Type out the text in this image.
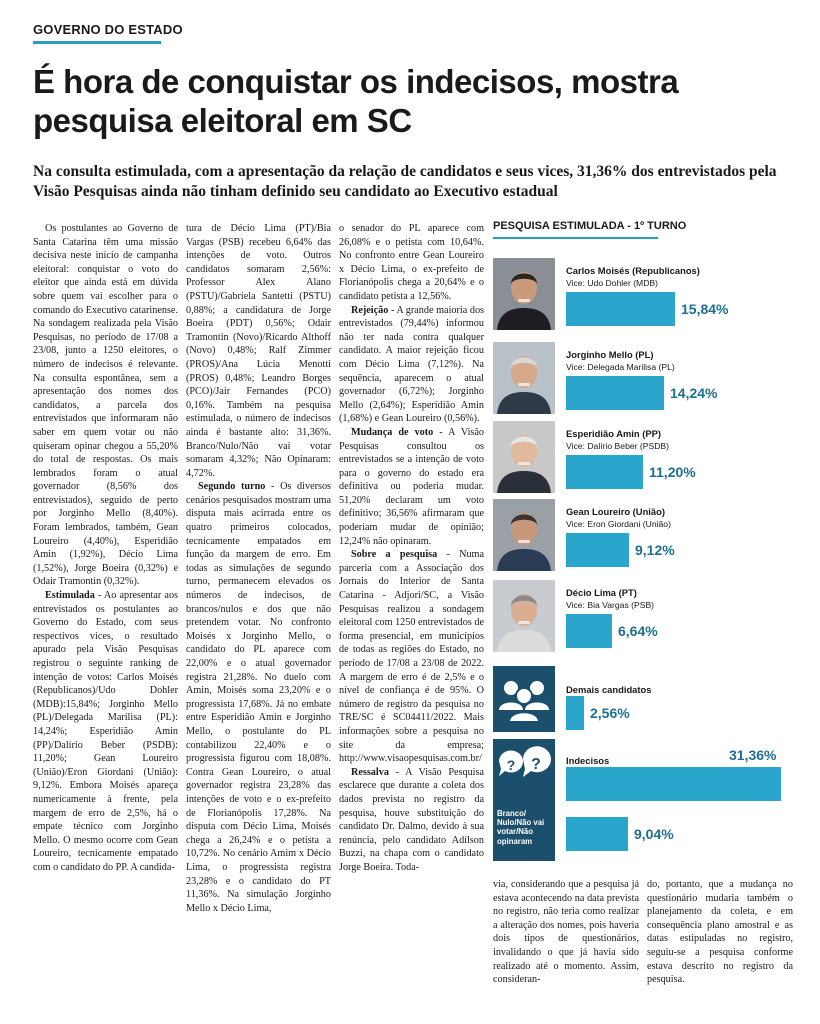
GOVERNO DO ESTADO
É hora de conquistar os indecisos, mostra pesquisa eleitoral em SC
Na consulta estimulada, com a apresentação da relação de candidatos e seus vices, 31,36% dos entrevistados pela Visão Pesquisas ainda não tinham definido seu candidato ao Executivo estadual

Os postulantes ao Governo de Santa Catarina têm uma missão decisiva neste início de campanha eleitoral: conquistar o voto do eleitor que ainda está em dúvida sobre quem vai escolher para o comando do Executivo catarinense. Na sondagem realizada pela Visão Pesquisas, no período de 17/08 a 23/08, junto a 1250 eleitores, o número de indecisos é relevante. Na consulta espontânea, sem a apresentação dos nomes dos candidatos, a parcela dos entrevistados que informaram não saber em quem votar ou não quiseram opinar chegou a 55,20% do total de respostas. Os mais lembrados foram o atual governador (8,56% dos entrevistados), seguido de perto por Jorginho Mello (8,40%). Foram lembrados, também, Gean Loureiro (4,40%), Esperidião Amin (1,92%), Décio Lima (1,52%), Jorge Boeira (0,32%) e Odair Tramontin (0,32%).

Estimulada - Ao apresentar aos entrevistados os postulantes ao Governo do Estado, com seus respectivos vices, o resultado apurado pela Visão Pesquisas registrou o seguinte ranking de intenção de votos: Carlos Moisés (Republicanos)/Udo Dohler (MDB):15,84%; Jorginho Mello (PL)/Delegada Marilisa (PL): 14,24%; Esperidião Amin (PP)/Dalírio Beber (PSDB): 11,20%; Gean Loureiro (União)/Eron Giordani (União): 9,12%. Embora Moisés apareça numericamente à frente, pela margem de erro de 2,5%, há o empate técnico com Jorginho Mello. O mesmo ocorre com Gean Loureiro, tecnicamente empatado com o candidato do PP. A candida-

tura de Décio Lima (PT)/Bia Vargas (PSB) recebeu 6,64% das intenções de voto. Outros candidatos somaram 2,56%: Professor Alex Alano (PSTU)/Gabriela Santetti (PSTU) 0,88%; a candidatura de Jorge Boeira (PDT) 0,56%; Odair Tramontin (Novo)/Ricardo Althoff (Novo) 0,48%; Ralf Zimmer (PROS)/Ana Lúcia Menotti (PROS) 0,48%; Leandro Borges (PCO)/Jair Fernandes (PCO) 0,16%. Também na pesquisa estimulada, o número de indecisos ainda é bastante alto: 31,36%. Branco/Nulo/Não vai votar somaram 4,32%; Não Opinaram: 4,72%.

Segundo turno - Os diversos cenários pesquisados mostram uma disputa mais acirrada entre os quatro primeiros colocados, tecnicamente empatados em função da margem de erro. Em todas as simulações de segundo turno, permanecem elevados os números de indecisos, de brancos/nulos e dos que não pretendem votar. No confronto Moisés x Jorginho Mello, o candidato do PL aparece com 22,00% e o atual governador registra 21,28%. No duelo com Amin, Moisés soma 23,20% e o progressista 17,68%. Já no embate entre Esperidião Amin e Jorginho Mello, o postulante do PL contabilizou 22,40% e o progressista figurou com 18,08%. Contra Gean Loureiro, o atual governador registra 23,28% das intenções de voto e o ex-prefeito de Florianópolis 17,28%. Na disputa com Décio Lima, Moisés chega a 26,24% e o petista a 10,72%. No cenário Amim x Décio Lima, o progressista registra 23,28% e o candidato do PT 11,36%. Na simulação Jorginho Mello x Décio Lima,

o senador do PL aparece com 26,08% e o petista com 10,64%. No confronto entre Gean Loureiro x Décio Lima, o ex-prefeito de Florianópolis chega a 20,64% e o candidato petista a 12,56%.

Rejeição - A grande maioria dos entrevistados (79,44%) informou não ter nada contra qualquer candidato. A maior rejeição ficou com Décio Lima (7,12%). Na sequência, aparecem o atual governador (6,72%); Jorginho Mello (2,64%); Esperidião Amin (1,68%) e Gean Loureiro (0,56%).

Mudança de voto - A Visão Pesquisas consultou os entrevistados se a intenção de voto para o governo do estado era definitiva ou poderia mudar. 51,20% declaram um voto definitivo; 36,56% afirmaram que poderiam mudar de opinião; 12,24% não opinaram.

Sobre a pesquisa - Numa parceria com a Associação dos Jornais do Interior de Santa Catarina - Adjori/SC, a Visão Pesquisas realizou a sondagem eleitoral com 1250 entrevistados de forma presencial, em municípios de todas as regiões do Estado, no período de 17/08 a 23/08 de 2022. A margem de erro é de 2,5% e o nível de confiança é de 95%. O número de registro da pesquisa no TRE/SC é SC04411/2022. Mais informações sobre a pesquisa no site da empresa; http://www.visaopesquisas.com.br/

Ressalva - A Visão Pesquisa esclarece que durante a coleta dos dados prevista no registro da pesquisa, houve substituição do candidato Dr. Dalmo, devido à sua renúncia, pelo candidato Adílson Buzzi, na chapa com o candidato Jorge Boeira. Toda-

via, considerando que a pesquisa já estava acontecendo na data prevista no registro, não teria como realizar a alteração dos nomes, pois haveria dois tipos de questionários, invalidando o que já havia sido realizado até o momento. Assim, consideran-

do, portanto, que a mudança no questionário mudaria também o planejamento da coleta, e em consequência plano amostral e as datas estipuladas no registro, seguiu-se a pesquisa conforme estava descrito no registro da pesquisa.

PESQUISA ESTIMULADA - 1º TURNO
Carlos Moisés (Republicanos)
Vice: Udo Dohler (MDB)
15,84%
Jorginho Mello (PL)
Vice: Delegada Marilisa (PL)
14,24%
Esperidião Amin (PP)
Vice: Dalírio Beber (PSDB)
11,20%
Gean Loureiro (União)
Vice: Eron Giordani (União)
9,12%
Décio Lima (PT)
Vice: Bia Vargas (PSB)
6,64%
Demais candidatos
2,56%
? ?	Indecisos	31,36%
Branco/ Nulo/Não vai votar/Não opinaram	9,04%
